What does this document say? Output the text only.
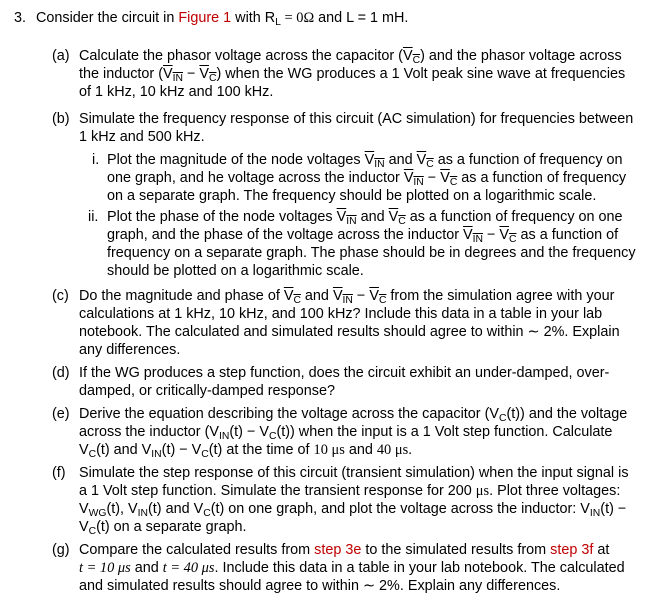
3. Consider the circuit in Figure 1 with $R_L = 0\Omega$ and L = 1 mH.
(a) Calculate the phasor voltage across the capacitor $(V_C)$ and the phasor voltage across
the inductor $(V_{IN} - V_C)$ when the WG produces a 1 Volt peak sine wave at frequencies
of 1 kHz, 10 kHz and 100 kHz.
(b) Simulate the frequency response of this circuit (AC simulation) for frequencies between
1 kHz and 500 kHz.
i. Plot the magnitude of the node voltages $V_{IN}$ and $V_C$ as a function of frequency on
one graph, and he voltage across the inductor $V_{IN} - V_C$ as a function of frequency
on a separate graph. The frequency should be plotted on a logarithmic scale.
ii. Plot the phase of the node voltages $V_{IN}$ and $V_C$ as a function of frequency on one
graph, and the phase of the voltage across the inductor $V_{IN} - V_C$ as a function of
frequency on a separate graph. The phase should be in degrees and the frequency
should be plotted on a logarithmic scale.
(c) Do the magnitude and phase of $V_C$ and $V_{IN} - V_C$ from the simulation agree with your
calculations at 1 kHz, 10 kHz, and 100 kHz? Include this data in a table in your lab
notebook. The calculated and simulated results should agree to within ∼ 2%. Explain
any differences.
(d) If the WG produces a step function, does the circuit exhibit an under-damped, over-
damped, or critically-damped response?
(e) Derive the equation describing the voltage across the capacitor $(V_C(t))$ and the voltage
across the inductor $(V_{IN}(t) - V_C(t))$ when the input is a 1 Volt step function. Calculate
$V_C(t)$ and $V_{IN}(t) - V_C(t)$ at the time of 10 μs and 40 μs.
(f) Simulate the step response of this circuit (transient simulation) when the input signal is
a 1 Volt step function. Simulate the transient response for 200 μs. Plot three voltages:
$V_{WG}(t)$, $V_{IN}(t)$ and $V_C(t)$ on one graph, and plot the voltage across the inductor: $V_{IN}(t)$ −
$V_C(t)$ on a separate graph.
(g) Compare the calculated results from step 3e to the simulated results from step 3f at
t = 10 μs and t = 40 μs. Include this data in a table in your lab notebook. The calculated
and simulated results should agree to within ∼ 2%. Explain any differences.
